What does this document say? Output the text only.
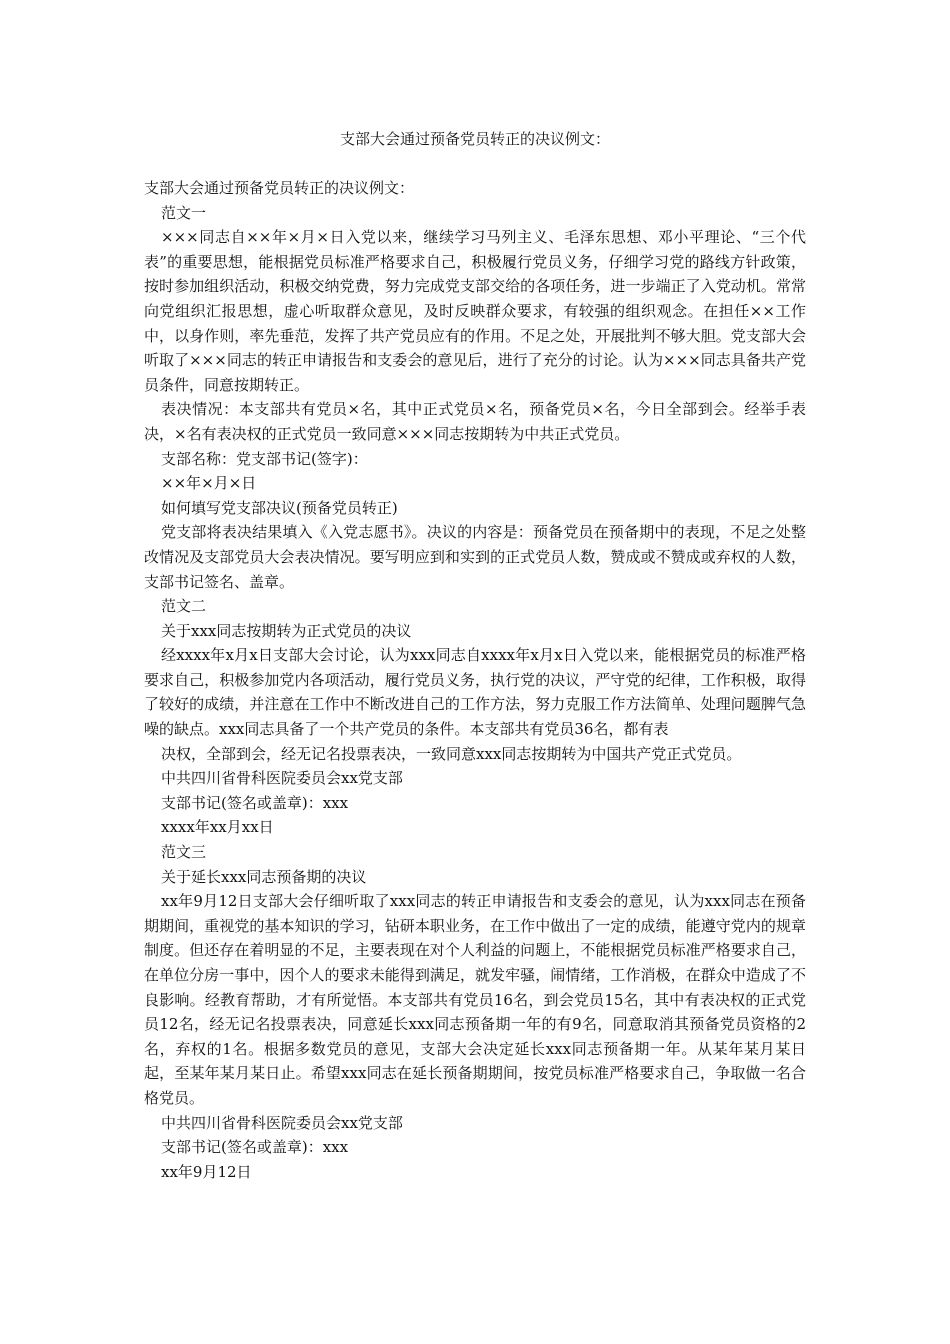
支部大会通过预备党员转正的决议例文：

支部大会通过预备党员转正的决议例文：

范文一

×××同志自××年×月×日入党以来，继续学习马列主义、毛泽东思想、邓小平理论、“三个代表”的重要思想，能根据党员标准严格要求自己，积极履行党员义务，仔细学习党的路线方针政策，按时参加组织活动，积极交纳党费，努力完成党支部交给的各项任务，进一步端正了入党动机。常常向党组织汇报思想，虚心听取群众意见，及时反映群众要求，有较强的组织观念。在担任××工作中，以身作则，率先垂范，发挥了共产党员应有的作用。不足之处，开展批判不够大胆。党支部大会听取了×××同志的转正申请报告和支委会的意见后，进行了充分的讨论。认为×××同志具备共产党员条件，同意按期转正。

表决情况：本支部共有党员×名，其中正式党员×名，预备党员×名，今日全部到会。经举手表决，×名有表决权的正式党员一致同意×××同志按期转为中共正式党员。

支部名称：党支部书记(签字)：

××年×月×日

如何填写党支部决议(预备党员转正)

党支部将表决结果填入《入党志愿书》。决议的内容是：预备党员在预备期中的表现，不足之处整改情况及支部党员大会表决情况。要写明应到和实到的正式党员人数，赞成或不赞成或弃权的人数，支部书记签名、盖章。

范文二

关于xxx同志按期转为正式党员的决议

经xxxx年x月x日支部大会讨论，认为xxx同志自xxxx年x月x日入党以来，能根据党员的标准严格要求自己，积极参加党内各项活动，履行党员义务，执行党的决议，严守党的纪律，工作积极，取得了较好的成绩，并注意在工作中不断改进自己的工作方法，努力克服工作方法简单、处理问题脾气急噪的缺点。xxx同志具备了一个共产党员的条件。本支部共有党员36名，都有表

决权，全部到会，经无记名投票表决，一致同意xxx同志按期转为中国共产党正式党员。

中共四川省骨科医院委员会xx党支部

支部书记(签名或盖章)：xxx

xxxx年xx月xx日

范文三

关于延长xxx同志预备期的决议

xx年9月12日支部大会仔细听取了xxx同志的转正申请报告和支委会的意见，认为xxx同志在预备期期间，重视党的基本知识的学习，钻研本职业务，在工作中做出了一定的成绩，能遵守党内的规章制度。但还存在着明显的不足，主要表现在对个人利益的问题上，不能根据党员标准严格要求自己，在单位分房一事中，因个人的要求未能得到满足，就发牢骚，闹情绪，工作消极，在群众中造成了不良影响。经教育帮助，才有所觉悟。本支部共有党员16名，到会党员15名，其中有表决权的正式党员12名，经无记名投票表决，同意延长xxx同志预备期一年的有9名，同意取消其预备党员资格的2名，弃权的1名。根据多数党员的意见，支部大会决定延长xxx同志预备期一年。从某年某月某日起，至某年某月某日止。希望xxx同志在延长预备期期间，按党员标准严格要求自己，争取做一名合格党员。

中共四川省骨科医院委员会xx党支部

支部书记(签名或盖章)：xxx

xx年9月12日
